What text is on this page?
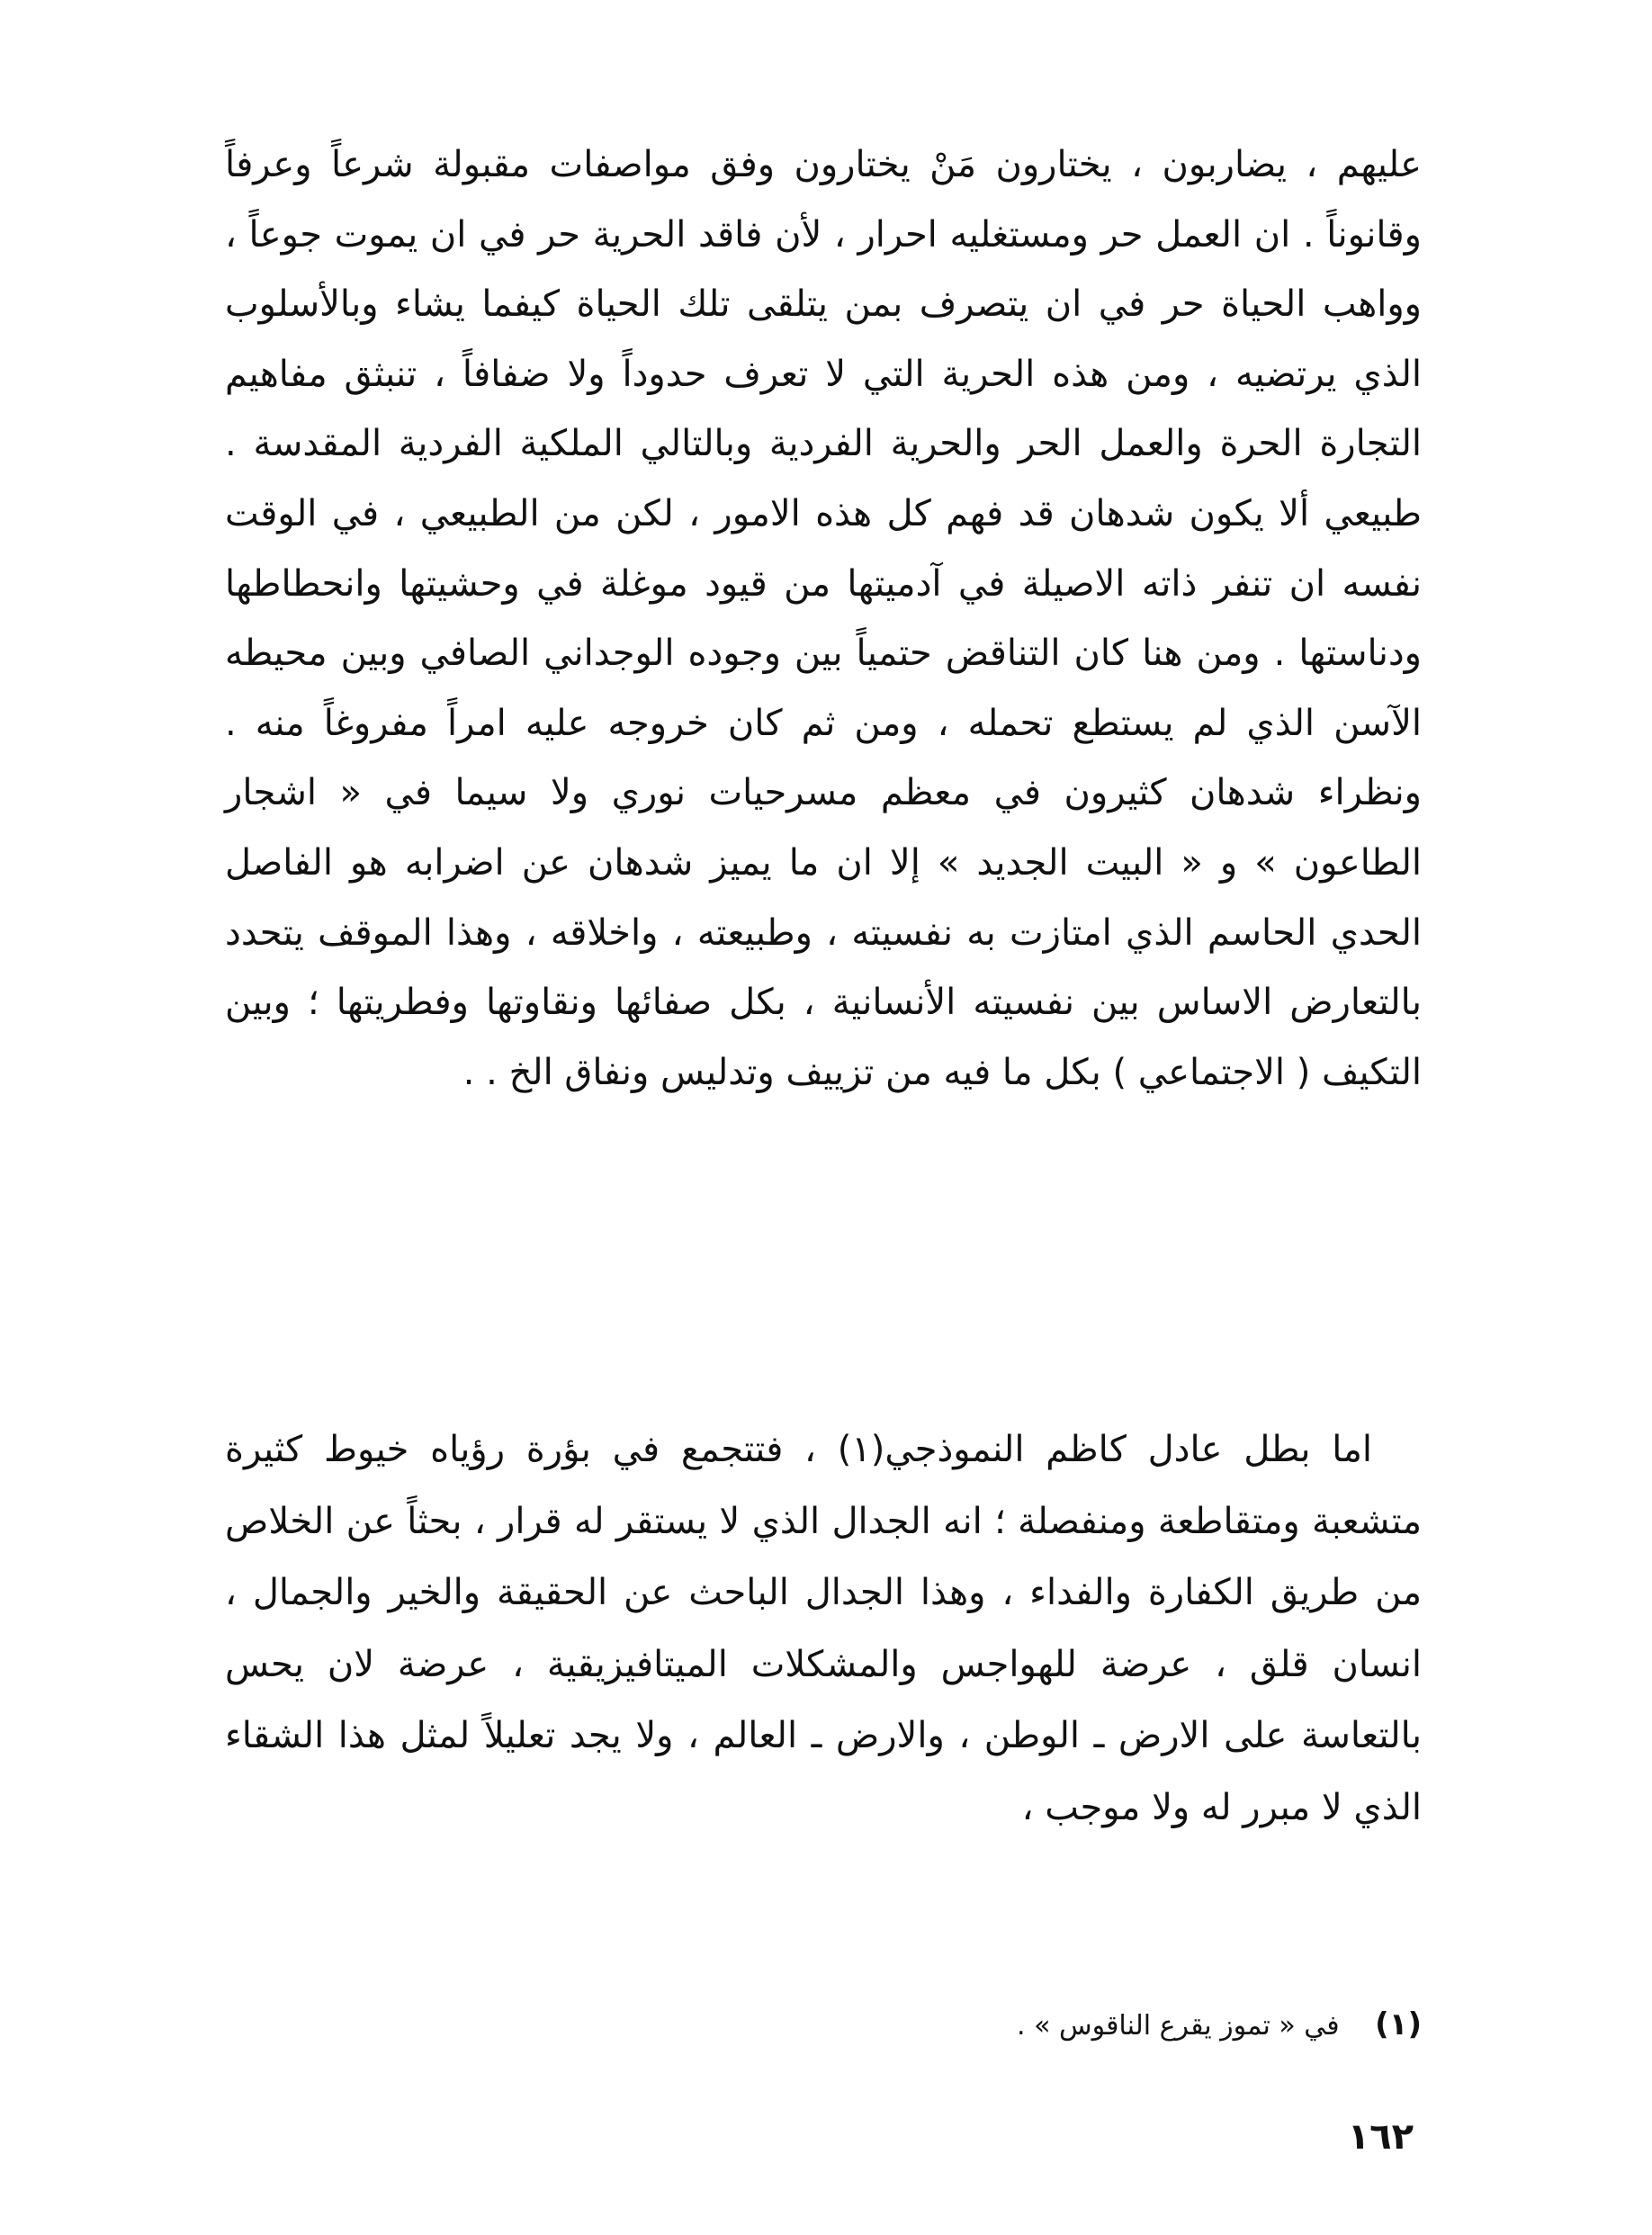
عليهم ، يضاربون ، يختارون مَنْ يختارون وفق مواصفات مقبولة شرعاً وعرفاً وقانوناً . ان العمل حر ومستغليه احرار ، لأن فاقد الحرية حر في ان يموت جوعاً ، وواهب الحياة حر في ان يتصرف بمن يتلقى تلك الحياة كيفما يشاء وبالأسلوب الذي يرتضيه ، ومن هذه الحرية التي لا تعرف حدوداً ولا ضفافاً ، تنبثق مفاهيم التجارة الحرة والعمل الحر والحرية الفردية وبالتالي الملكية الفردية المقدسة . طبيعي ألا يكون شدهان قد فهم كل هذه الامور ، لكن من الطبيعي ، في الوقت نفسه ان تنفر ذاته الاصيلة في آدميتها من قيود موغلة في وحشيتها وانحطاطها ودناستها . ومن هنا كان التناقض حتمياً بين وجوده الوجداني الصافي وبين محيطه الآسن الذي لم يستطع تحمله ، ومن ثم كان خروجه عليه امراً مفروغاً منه . ونظراء شدهان كثيرون في معظم مسرحيات نوري ولا سيما في « اشجار الطاعون » و « البيت الجديد » إلا ان ما يميز شدهان عن اضرابه هو الفاصل الحدي الحاسم الذي امتازت به نفسيته ، وطبيعته ، واخلاقه ، وهذا الموقف يتحدد بالتعارض الاساس بين نفسيته الأنسانية ، بكل صفائها ونقاوتها وفطريتها ؛ وبين التكيف ( الاجتماعي ) بكل ما فيه من تزييف وتدليس ونفاق الخ . .

اما بطل عادل كاظم النموذجي(١) ، فتتجمع في بؤرة رؤياه خيوط كثيرة متشعبة ومتقاطعة ومنفصلة ؛ انه الجدال الذي لا يستقر له قرار ، بحثاً عن الخلاص من طريق الكفارة والفداء ، وهذا الجدال الباحث عن الحقيقة والخير والجمال ، انسان قلق ، عرضة للهواجس والمشكلات الميتافيزيقية ، عرضة لان يحس بالتعاسة على الارض ـ الوطن ، والارض ـ العالم ، ولا يجد تعليلاً لمثل هذا الشقاء الذي لا مبرر له ولا موجب ،

(١) في « تموز يقرع الناقوس » .
١٦٢
